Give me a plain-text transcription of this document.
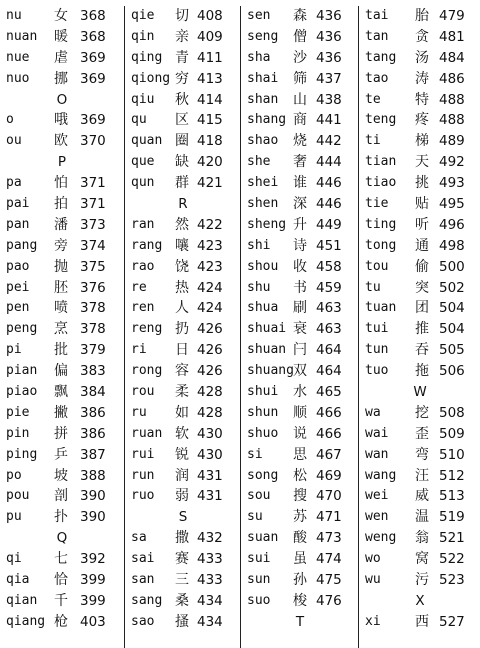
nu 女 368
nuan 暖 368
nue 虐 369
nuo 挪 369
O
o	哦 369
ou 欧 370
P
pa 怕 371
pai 拍 371
pan 潘 373
pang 旁 374
pao 抛 375
pei 胚 376
pen 喷 378
peng 烹 378
pi 批 379
pian 偏 383
piao 飘 384
pie 撇 386
pin 拼 386
ping 乒 387
po 坡 388
pou 剖 390
pu 扑 390
Q
qi 七 392
qia 恰 399
qian 千 399
qiang 枪 403
qie 切 408
qin 亲 409
qing 青 411
qiong 穷 413
qiu 秋 414
qu 区 415
quan 圈 418
que 缺 420
qun 群 421
R
ran 然 422
rang 嚷 423
rao 饶 423
re 热 424
ren 人 424
reng 扔 426
ri 日 426
rong 容 426
rou 柔 428
ru 如 428
ruan 软 430
rui 锐 430
run 润 431
ruo 弱 431
S
sa 撒 432
sai 赛 433
san 三 433
sang 桑 434
sao 搔 434
sen 森 436
seng 僧 436
sha 沙 436
shai 筛 437
shan 山 438
shang 商 441
shao 烧 442
she 奢 444
shei 谁 446
shen 深 446
sheng 升 449
shi 诗 451
shou 收 458
shu 书 459
shua 刷 463
shuai 衰 463
shuan 闩 464
shuang 双 464
shui 水 465
shun 顺 466
shuo 说 466
si 思 467
song 松 469
sou 搜 470
su 苏 471
suan 酸 473
sui 虽 474
sun 孙 475
suo 梭 476
T
tai 胎 479
tan 贪 481
tang 汤 484
tao 涛 486
te 特 488
teng 疼 488
ti 梯 489
tian 天 492
tiao 挑 493
tie 贴 495
ting 听 496
tong 通 498
tou 偷 500
tu 突 502
tuan 团 504
tui 推 504
tun 吞 505
tuo 拖 506
W
wa 挖 508
wai 歪 509
wan 弯 510
wang 汪 512
wei 威 513
wen 温 519
weng 翁 521
wo 窝 522
wu 污 523
X
xi 西 527
